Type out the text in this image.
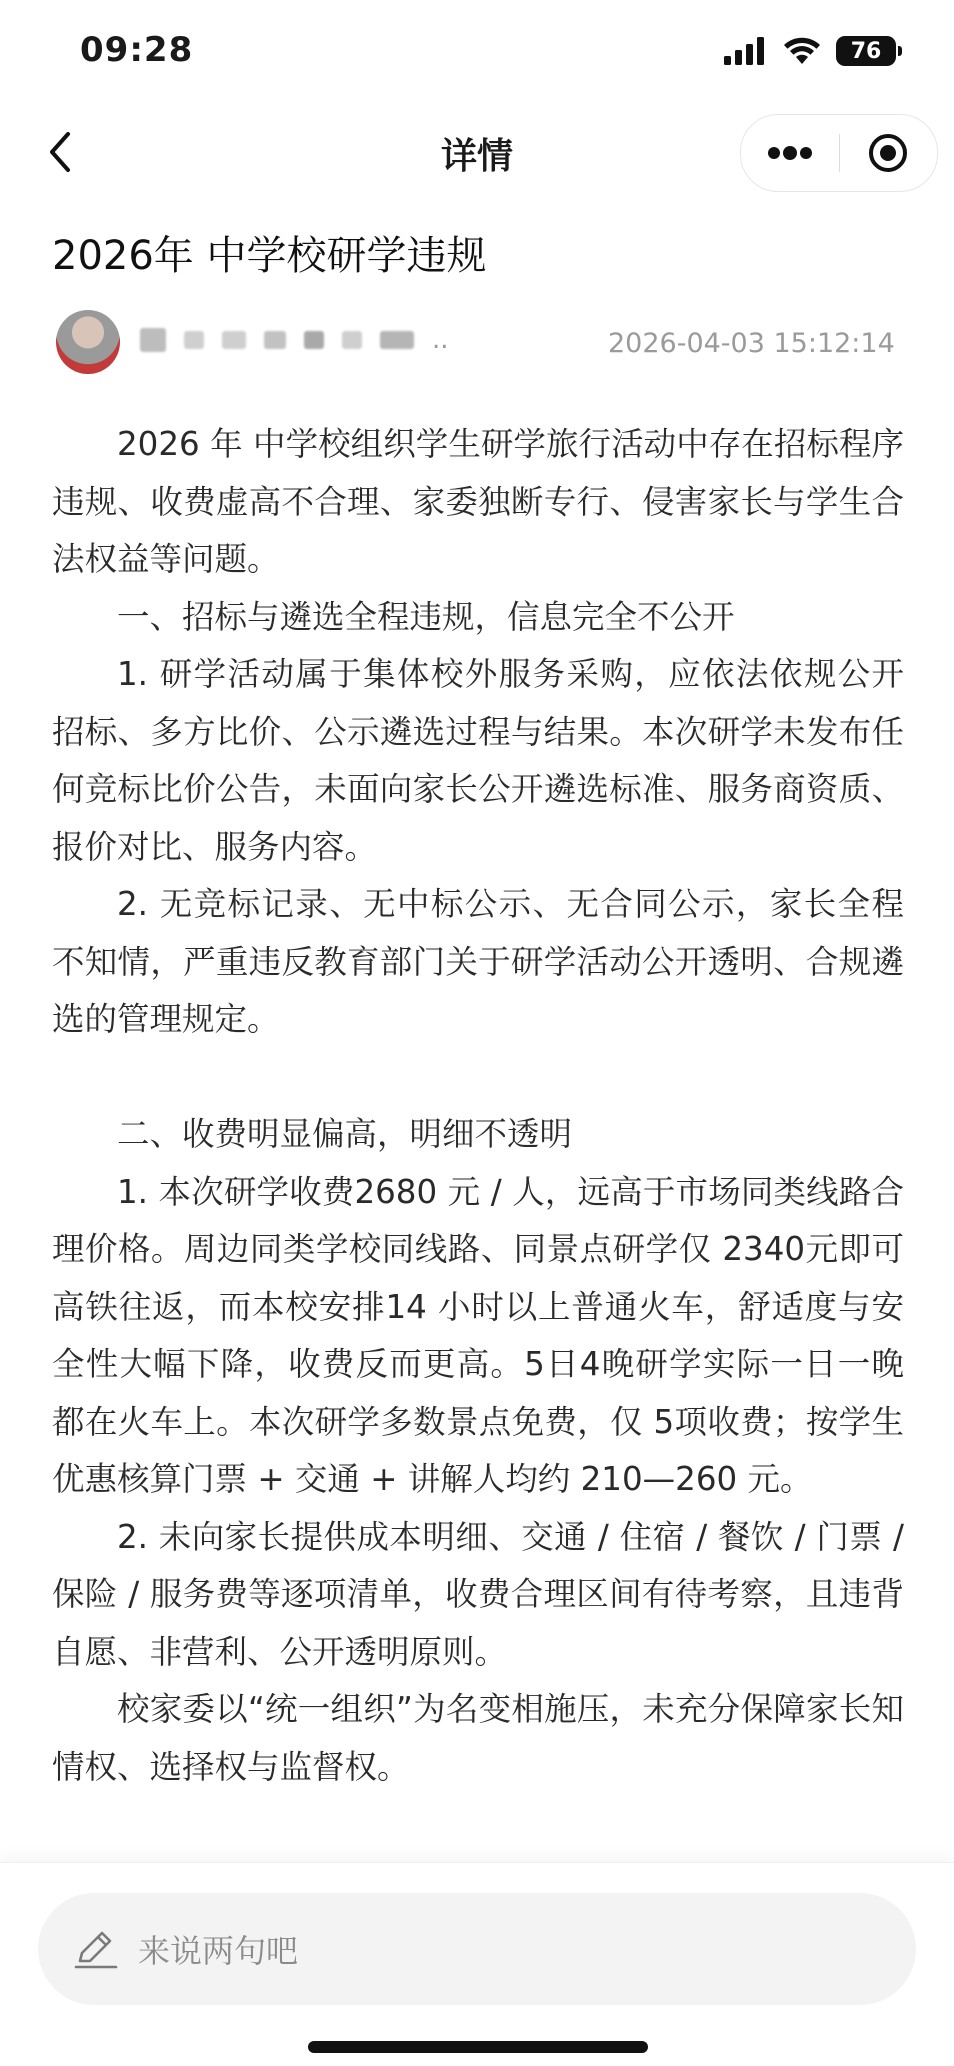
09:28	76
详情
2026年 中学校研学违规
..	2026-04-03 15:12:14

2026 年 中学校组织学生研学旅行活动中存在招标程序违规、收费虚高不合理、家委独断专行、侵害家长与学生合法权益等问题。

一、招标与遴选全程违规，信息完全不公开

1. 研学活动属于集体校外服务采购，应依法依规公开招标、多方比价、公示遴选过程与结果。本次研学未发布任何竞标比价公告，未面向家长公开遴选标准、服务商资质、报价对比、服务内容。

2. 无竞标记录、无中标公示、无合同公示，家长全程不知情，严重违反教育部门关于研学活动公开透明、合规遴选的管理规定。

二、收费明显偏高，明细不透明

1. 本次研学收费2680 元 / 人，远高于市场同类线路合理价格。周边同类学校同线路、同景点研学仅 2340元即可高铁往返，而本校安排14 小时以上普通火车，舒适度与安全性大幅下降，收费反而更高。5日4晚研学实际一日一晚都在火车上。本次研学多数景点免费，仅 5项收费；按学生优惠核算门票 + 交通 + 讲解人均约 210—260 元。

2. 未向家长提供成本明细、交通 / 住宿 / 餐饮 / 门票 / 保险 / 服务费等逐项清单，收费合理区间有待考察，且违背自愿、非营利、公开透明原则。

校家委以“统一组织”为名变相施压，未充分保障家长知情权、选择权与监督权。

来说两句吧
